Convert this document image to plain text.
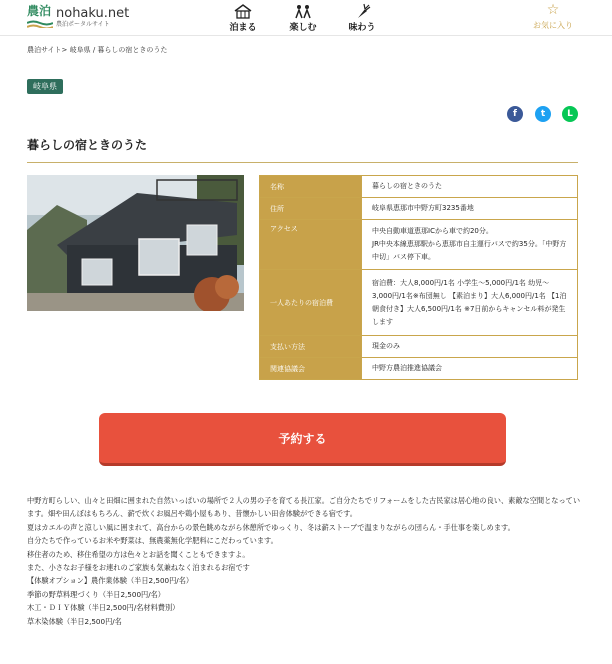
農泊 nohaku.net
農泊ポータルサイト	泊まる	楽しむ	味わう
☆
お気に入り
農泊サイト> 岐阜県 / 暮らしの宿ときのうた
岐阜県
f	t	L
暮らしの宿ときのうた
名称	暮らしの宿ときのうた
住所	岐阜県恵那市中野方町3235番地
アクセス	中央自動車道恵那ICから車で約20分。
JR中央本線恵那駅から恵那市自主運行バスで約35分。「中野方中切」バス停下車。

一人あたりの宿泊費	宿泊費：大人8,000円/1名 小学生～5,000円/1名 幼児～3,000円/1名※布団無し 【素泊まり】大人6,000円/1名 【1泊朝食付き】大人6,500円/1名 ※7日前からキャンセル料が発生します
支払い方法	現金のみ
関連協議会	中野方農泊推進協議会
予約する

中野方町らしい、山々と田畑に囲まれた自然いっぱいの場所で２人の男の子を育てる長江家。ご自分たちでリフォームをした古民家は居心地の良い、素敵な空間となっています。畑や田んぼはもちろん、薪で炊くお風呂や鶏小屋もあり、昔懐かしい田舎体験ができる宿です。

夏はカエルの声と涼しい風に囲まれて、高台からの景色眺めながら休憩所でゆっくり、冬は薪ストーブで温まりながらの団らん・手仕事を楽しめます。

自分たちで作っているお米や野菜は、無農薬無化学肥料にこだわっています。

移住者のため、移住希望の方は色々とお話を聞くこともできますよ。

また、小さなお子様をお連れのご家族も気兼ねなく泊まれるお宿です

【体験オプション】農作業体験（半日2,500円/名）

季節の野草料理づくり（半日2,500円/名）

木工・ＤＩＹ体験（半日2,500円/名材料費別）

草木染体験（半日2,500円/名
